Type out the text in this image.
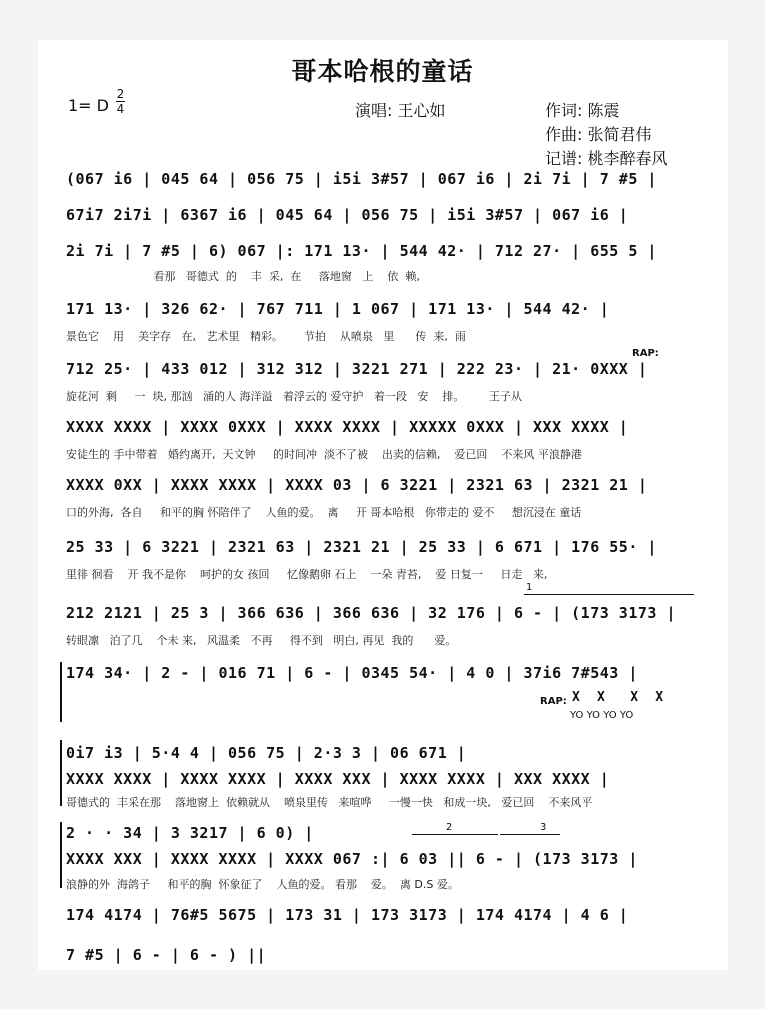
哥本哈根的童话
1= D
2
4	演唱: 王心如	作词: 陈震
作曲: 张简君伟
记谱: 桃李醉春风
(067 i6 | 045 64 | 056 75 | i5i 3#57 | 067 i6 | 2i 7i | 7 #5 |
67i7 2i7i | 6367 i6 | 045 64 | 056 75 | i5i 3#57 | 067 i6 |
2i 7i | 7 #5 | 6) 067 |: 171 13· | 544 42· | 712 27· | 655 5 |
看那   哥德式  的    丰  采,  在     落地窗   上    依  赖,
171 13· | 326 62· | 767 711 | 1 067 | 171 13· | 544 42· |
景色它    用    美字存   在,   艺术里   精彩。      节拍    从喷泉   里      传  来,  雨
RAP:
712 25· | 433 012 | 312 312 | 3221 271 | 222 23· | 21· 0XXX |
旋花河  剩     一  块, 那汹   涌的人 海洋溢   着浮云的 爱守护   着一段   安    排。       王子从
XXXX XXXX | XXXX 0XXX | XXXX XXXX | XXXXX 0XXX | XXX XXXX |
安徒生的 手中带着   婚约离开,  天文钟     的时间冲  淡不了被    出卖的信赖,    爱已回    不来风 平浪静港
XXXX 0XX | XXXX XXXX | XXXX 03 | 6 3221 | 2321 63 | 2321 21 |
口的外海,  各自     和平的胸 怀陪伴了    人鱼的爱。  离     开 哥本哈根   你带走的 爱不     想沉浸在 童话
25 33 | 6 3221 | 2321 63 | 2321 21 | 25 33 | 6 671 | 176 55· |
里徘 徊看    开 我不是你    呵护的女 孩回     忆像鹅卵 石上    一朵 青苔,    爱 日复一     日走   来,
1
212 2121 | 25 3 | 366 636 | 366 636 | 32 176 | 6 - | (173 3173 |
转眼凛   泊了几    个未 来,   风温柔   不再     得不到   明白, 再见  我的      爱。
174 34· | 2 - | 016 71 | 6 - | 0345 54· | 4 0 | 37i6 7#543 |
RAP: X  X   X  X
YO YO YO YO
0i7 i3 | 5·4 4 | 056 75 | 2·3 3 | 06 671 |
XXXX XXXX | XXXX XXXX | XXXX XXX | XXXX XXXX | XXX XXXX |
哥德式的  丰采在那    落地窗上  依赖就从    喷泉里传   来喧哗     一慢一快   和成一块,   爱已回    不来风平
2	3
2 · · 34 | 3 3217 | 6 0) |
XXXX XXX | XXXX XXXX | XXXX 067 :| 6 03 || 6 - | (173 3173 |
浪静的外  海鸽子     和平的胸  怀象征了    人鱼的爱。 看那    爱。  离 D.S 爱。
174 4174 | 76#5 5675 | 173 31 | 173 3173 | 174 4174 | 4 6 |
7 #5 | 6 - | 6 - ) ||
